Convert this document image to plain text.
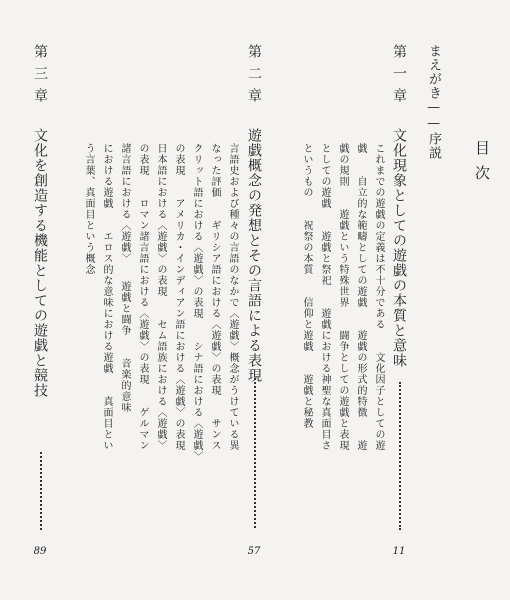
目次
まえがき——序説
第一章
文化現象としての遊戯の本質と意味
11
これまでの遊戯の定義は不十分である　　文化因子としての遊
戯　　自立的な範疇としての遊戯　　遊戯の形式的特徴　　遊
戯の規則　　遊戯という特殊世界　　闘争としての遊戯と表現
としての遊戯　　遊戯と祭祀　　遊戯における神聖な真面目さ
というもの　　祝祭の本質　　信仰と遊戯　　遊戯と秘教
第二章
遊戯概念の発想とその言語による表現
57
言語史および種々の言語のなかで〈遊戯〉概念がうけている異
なった評価　　ギリシア語における〈遊戯〉の表現　　サンス
クリット語における〈遊戯〉の表現　　シナ語における〈遊戯〉
の表現　　アメリカ・インディアン語における〈遊戯〉の表現
日本語における〈遊戯〉の表現　　セム語族における〈遊戯〉
の表現　　ロマン諸言語における〈遊戯〉の表現　　ゲルマン
諸言語における〈遊戯〉　　遊戯と闘争　　音楽的意味
における遊戯　　エロス的な意味における遊戯　　真面目とい
う言葉、真面目という概念
第三章
文化を創造する機能としての遊戯と競技
89
